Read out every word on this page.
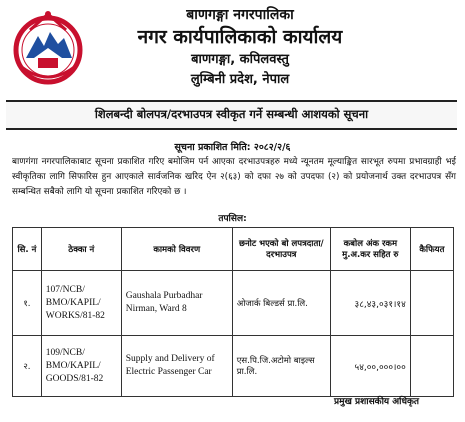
बाणगङ्गा नगरपालिका
नगर कार्यपालिकाको कार्यालय
बाणगङ्गा, कपिलवस्तु
लुम्बिनी प्रदेश, नेपाल
शिलबन्दी बोलपत्र/दरभाउपत्र स्वीकृत गर्ने सम्बन्धी आशयको सूचना
सूचना प्रकाशित मिति: २०८२/२/६
बाणगंगा नगरपालिकाबाट सूचना प्रकाशित गरिए बमोजिम पर्न आएका दरभाउपत्रहरु मध्ये न्यूनतम मूल्याङ्कित सारभूत रुपमा प्रभावग्राही भई स्वीकृतिका लागि सिफारिस हुन आएकाले सार्वजनिक खरिद ऐन २(६३) को दफा २७ को उपदफा (२) को प्रयोजनार्थ उक्त दरभाउपत्र सँग सम्बन्धित सबैको लागि यो सूचना प्रकाशित गरिएको छ ।
तपसिल:
सि. नं	ठेक्का नं	कामको विवरण	छनोट भएको बो लपत्रदाता/दरभाउपत्र	कबोल अंक रकम मु.अ.कर सहित रु	कैफियत
१.	107/NCB/ BMO/KAPIL/ WORKS/81-82	Gaushala Purbadhar Nirman, Ward 8	ओजार्क बिल्डर्स प्रा.लि.	३८,४३,०३१।१४	
२.	109/NCB/ BMO/KAPIL/ GOODS/81-82	Supply and Delivery of Electric Passenger Car	एस.पि.जि.अटोमो बाइल्स प्रा.लि.	५४,००,०००।००	
प्रमुख प्रशासकीय अधिकृत
